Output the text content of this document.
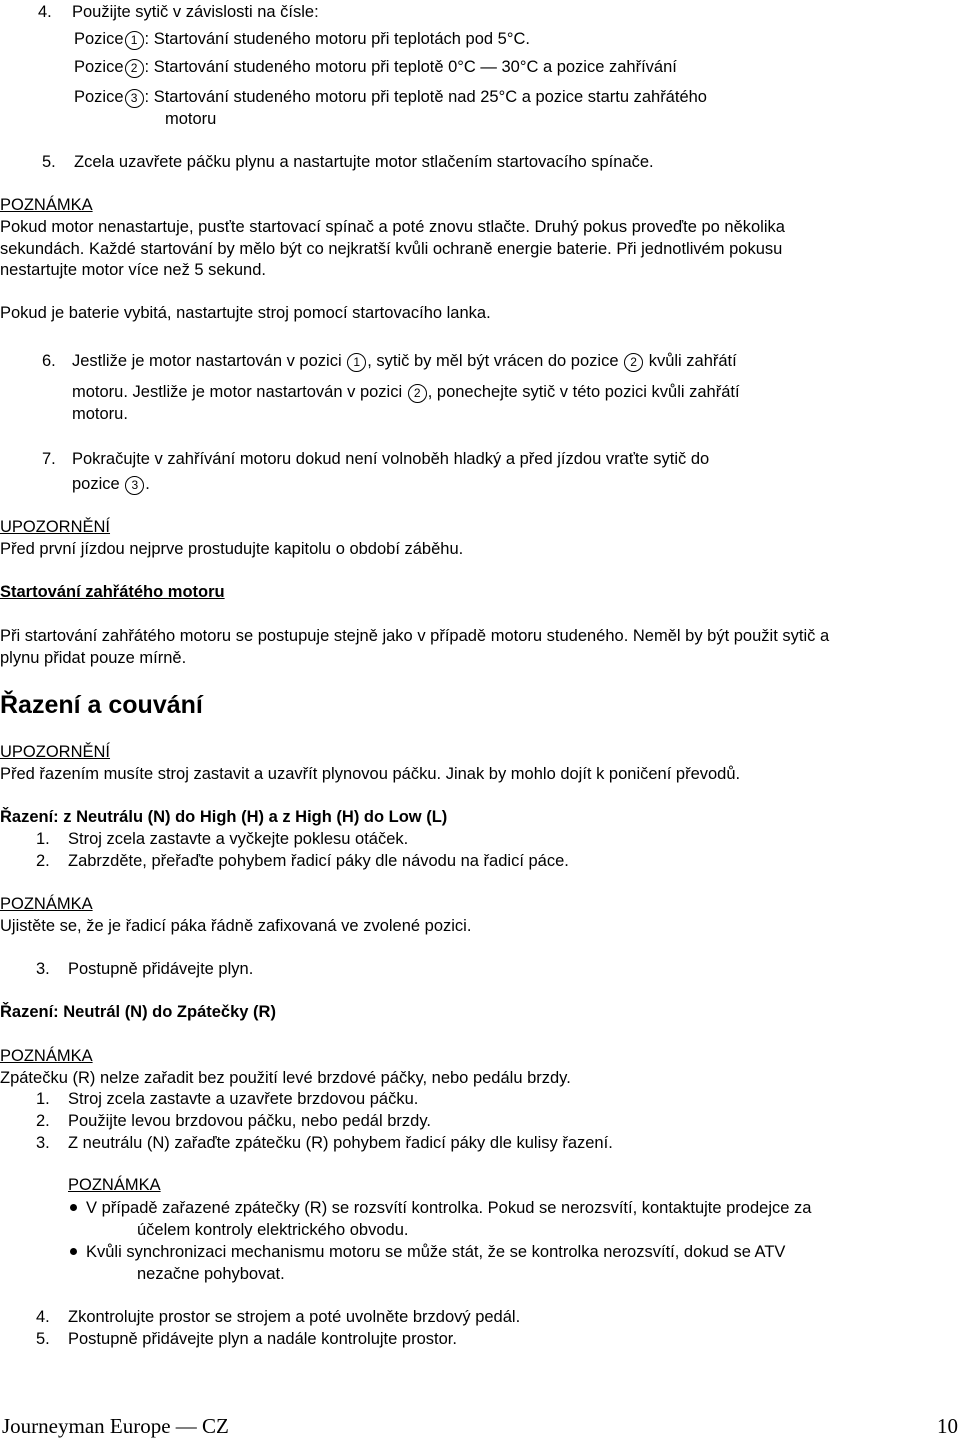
4. Použijte sytič v závislosti na čísle:
Pozice 1 : Startování studeného motoru při teplotách pod 5°C.
Pozice 2 : Startování studeného motoru při teplotě 0°C — 30°C a pozice zahřívání
Pozice 3 : Startování studeného motoru při teplotě nad 25°C a pozice startu zahřátého
motoru
5. Zcela uzavřete páčku plynu a nastartujte motor stlačením startovacího spínače.
POZNÁMKA
Pokud motor nenastartuje, pusťte startovací spínač a poté znovu stlačte. Druhý pokus proveďte po několika
sekundách. Každé startování by mělo být co nejkratší kvůli ochraně energie baterie. Při jednotlivém pokusu
nestartujte motor více než 5 sekund.
Pokud je baterie vybitá, nastartujte stroj pomocí startovacího lanka.
6. Jestliže je motor nastartován v pozici 1 , sytič by měl být vrácen do pozice 2 kvůli zahřátí
motoru. Jestliže je motor nastartován v pozici 2 , ponechejte sytič v této pozici kvůli zahřátí
motoru.
7. Pokračujte v zahřívání motoru dokud není volnoběh hladký a před jízdou vraťte sytič do
pozice 3 .
UPOZORNĚNÍ
Před první jízdou nejprve prostudujte kapitolu o období záběhu.
Startování zahřátého motoru
Při startování zahřátého motoru se postupuje stejně jako v případě motoru studeného. Neměl by být použit sytič a
plynu přidat pouze mírně.
Řazení a couvání
UPOZORNĚNÍ
Před řazením musíte stroj zastavit a uzavřít plynovou páčku. Jinak by mohlo dojít k poničení převodů.
Řazení: z Neutrálu (N) do High (H) a z High (H) do Low (L)
1. Stroj zcela zastavte a vyčkejte poklesu otáček.
2. Zabrzděte, přeřaďte pohybem řadicí páky dle návodu na řadicí páce.
POZNÁMKA
Ujistěte se, že je řadicí páka řádně zafixovaná ve zvolené pozici.
3. Postupně přidávejte plyn.
Řazení: Neutrál (N) do Zpátečky (R)
POZNÁMKA
Zpátečku (R) nelze zařadit bez použití levé brzdové páčky, nebo pedálu brzdy.
1. Stroj zcela zastavte a uzavřete brzdovou páčku.
2. Použijte levou brzdovou páčku, nebo pedál brzdy.
3. Z neutrálu (N) zařaďte zpátečku (R) pohybem řadicí páky dle kulisy řazení.
POZNÁMKA
V případě zařazené zpátečky (R) se rozsvítí kontrolka. Pokud se nerozsvítí, kontaktujte prodejce za
účelem kontroly elektrického obvodu.
Kvůli synchronizaci mechanismu motoru se může stát, že se kontrolka nerozsvítí, dokud se ATV
nezačne pohybovat.
4. Zkontrolujte prostor se strojem a poté uvolněte brzdový pedál.
5. Postupně přidávejte plyn a nadále kontrolujte prostor.
Journeyman Europe — CZ	10
